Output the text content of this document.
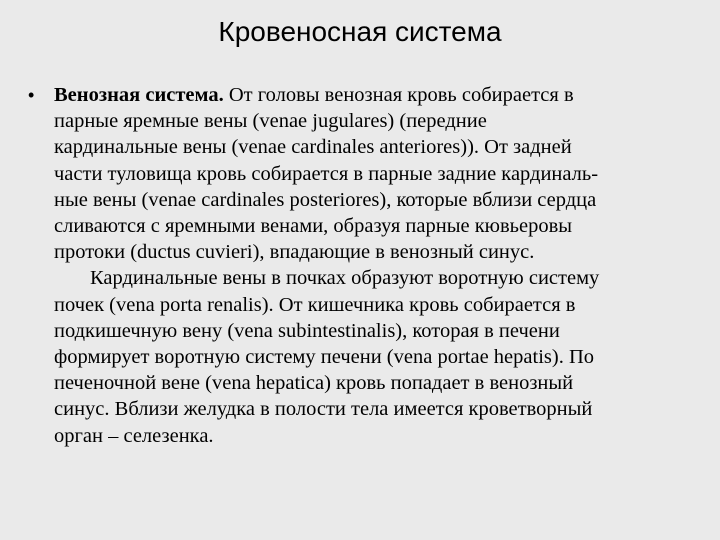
Кровеносная система
• Венозная система. От головы венозная кровь собирается в
парные яремные вены (venae jugulares) (передние
кардинальные вены (venae cardinales anteriores)). От задней
части туловища кровь собирается в парные задние кардиналь-
ные вены (venae cardinales posteriores), которые вблизи сердца
сливаются с яремными венами, образуя парные кювьеровы
протоки (ductus cuvieri), впадающие в венозный синус.
Кардинальные вены в почках образуют воротную систему
почек (vena porta renalis). От кишечника кровь собирается в
подкишечную вену (vena subintestinalis), которая в печени
формирует воротную систему печени (vena portae hepatis). По
печеночной вене (vena hepatica) кровь попадает в венозный
синус. Вблизи желудка в полости тела имеется кроветворный
орган – селезенка.
